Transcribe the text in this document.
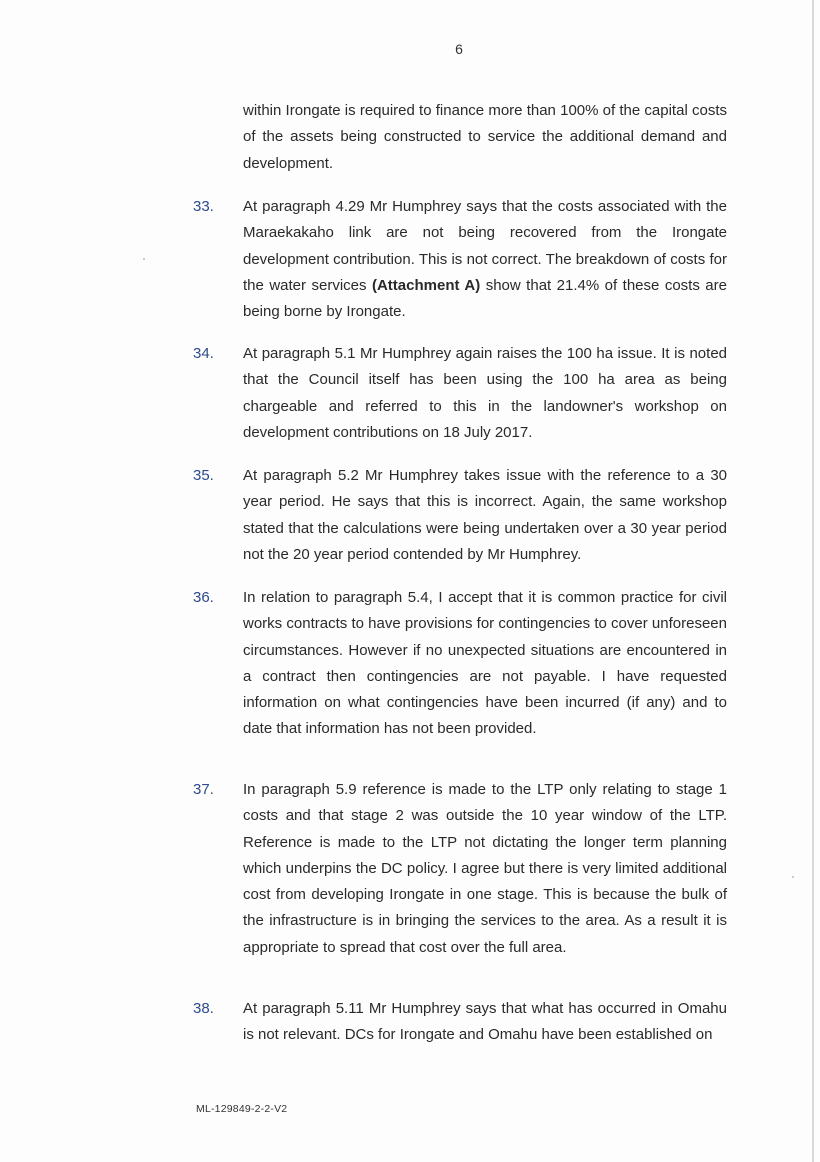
6
within Irongate is required to finance more than 100% of the capital costs of the assets being constructed to service the additional demand and development.
33. At paragraph 4.29 Mr Humphrey says that the costs associated with the Maraekakaho link are not being recovered from the Irongate development contribution. This is not correct. The breakdown of costs for the water services (Attachment A) show that 21.4% of these costs are being borne by Irongate.
34. At paragraph 5.1 Mr Humphrey again raises the 100 ha issue. It is noted that the Council itself has been using the 100 ha area as being chargeable and referred to this in the landowner's workshop on development contributions on 18 July 2017.
35. At paragraph 5.2 Mr Humphrey takes issue with the reference to a 30 year period. He says that this is incorrect. Again, the same workshop stated that the calculations were being undertaken over a 30 year period not the 20 year period contended by Mr Humphrey.
36. In relation to paragraph 5.4, I accept that it is common practice for civil works contracts to have provisions for contingencies to cover unforeseen circumstances. However if no unexpected situations are encountered in a contract then contingencies are not payable. I have requested information on what contingencies have been incurred (if any) and to date that information has not been provided.
37. In paragraph 5.9 reference is made to the LTP only relating to stage 1 costs and that stage 2 was outside the 10 year window of the LTP. Reference is made to the LTP not dictating the longer term planning which underpins the DC policy. I agree but there is very limited additional cost from developing Irongate in one stage. This is because the bulk of the infrastructure is in bringing the services to the area. As a result it is appropriate to spread that cost over the full area.
38. At paragraph 5.11 Mr Humphrey says that what has occurred in Omahu is not relevant. DCs for Irongate and Omahu have been established on
ML-129849-2-2-V2
